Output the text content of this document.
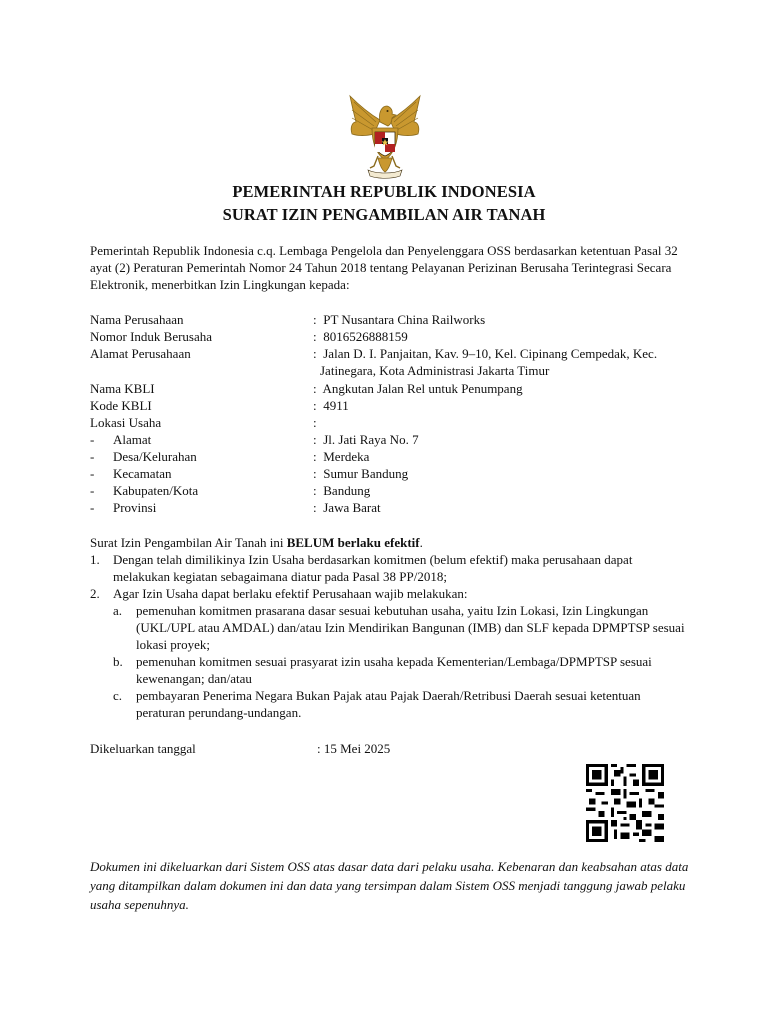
PEMERINTAH REPUBLIK INDONESIA
SURAT IZIN PENGAMBILAN AIR TANAH
Pemerintah Republik Indonesia c.q. Lembaga Pengelola dan Penyelenggara OSS berdasarkan ketentuan Pasal 32 ayat (2) Peraturan Pemerintah Nomor 24 Tahun 2018 tentang Pelayanan Perizinan Berusaha Terintegrasi Secara Elektronik, menerbitkan Izin Lingkungan kepada:
Nama Perusahaan	: PT Nusantara China Railworks
Nomor Induk Berusaha	: 8016526888159
Alamat Perusahaan	: Jalan D. I. Panjaitan, Kav. 9–10, Kel. Cipinang Cempedak, Kec.
Jatinegara, Kota Administrasi Jakarta Timur
Nama KBLI	: Angkutan Jalan Rel untuk Penumpang
Kode KBLI	: 4911
Lokasi Usaha	:
- Alamat	: Jl. Jati Raya No. 7
- Desa/Kelurahan	: Merdeka
- Kecamatan	: Sumur Bandung
- Kabupaten/Kota	: Bandung
- Provinsi	: Jawa Barat
Surat Izin Pengambilan Air Tanah ini BELUM berlaku efektif.
1. Dengan telah dimilikinya Izin Usaha berdasarkan komitmen (belum efektif) maka perusahaan dapat melakukan kegiatan sebagaimana diatur pada Pasal 38 PP/2018;
2. Agar Izin Usaha dapat berlaku efektif Perusahaan wajib melakukan:
a. pemenuhan komitmen prasarana dasar sesuai kebutuhan usaha, yaitu Izin Lokasi, Izin Lingkungan (UKL/UPL atau AMDAL) dan/atau Izin Mendirikan Bangunan (IMB) dan SLF kepada DPMPTSP sesuai lokasi proyek;
b. pemenuhan komitmen sesuai prasyarat izin usaha kepada Kementerian/Lembaga/DPMPTSP sesuai kewenangan; dan/atau
c. pembayaran Penerima Negara Bukan Pajak atau Pajak Daerah/Retribusi Daerah sesuai ketentuan peraturan perundang-undangan.
Dikeluarkan tanggal	: 15 Mei 2025
Dokumen ini dikeluarkan dari Sistem OSS atas dasar data dari pelaku usaha. Kebenaran dan keabsahan atas data yang ditampilkan dalam dokumen ini dan data yang tersimpan dalam Sistem OSS menjadi tanggung jawab pelaku usaha sepenuhnya.
